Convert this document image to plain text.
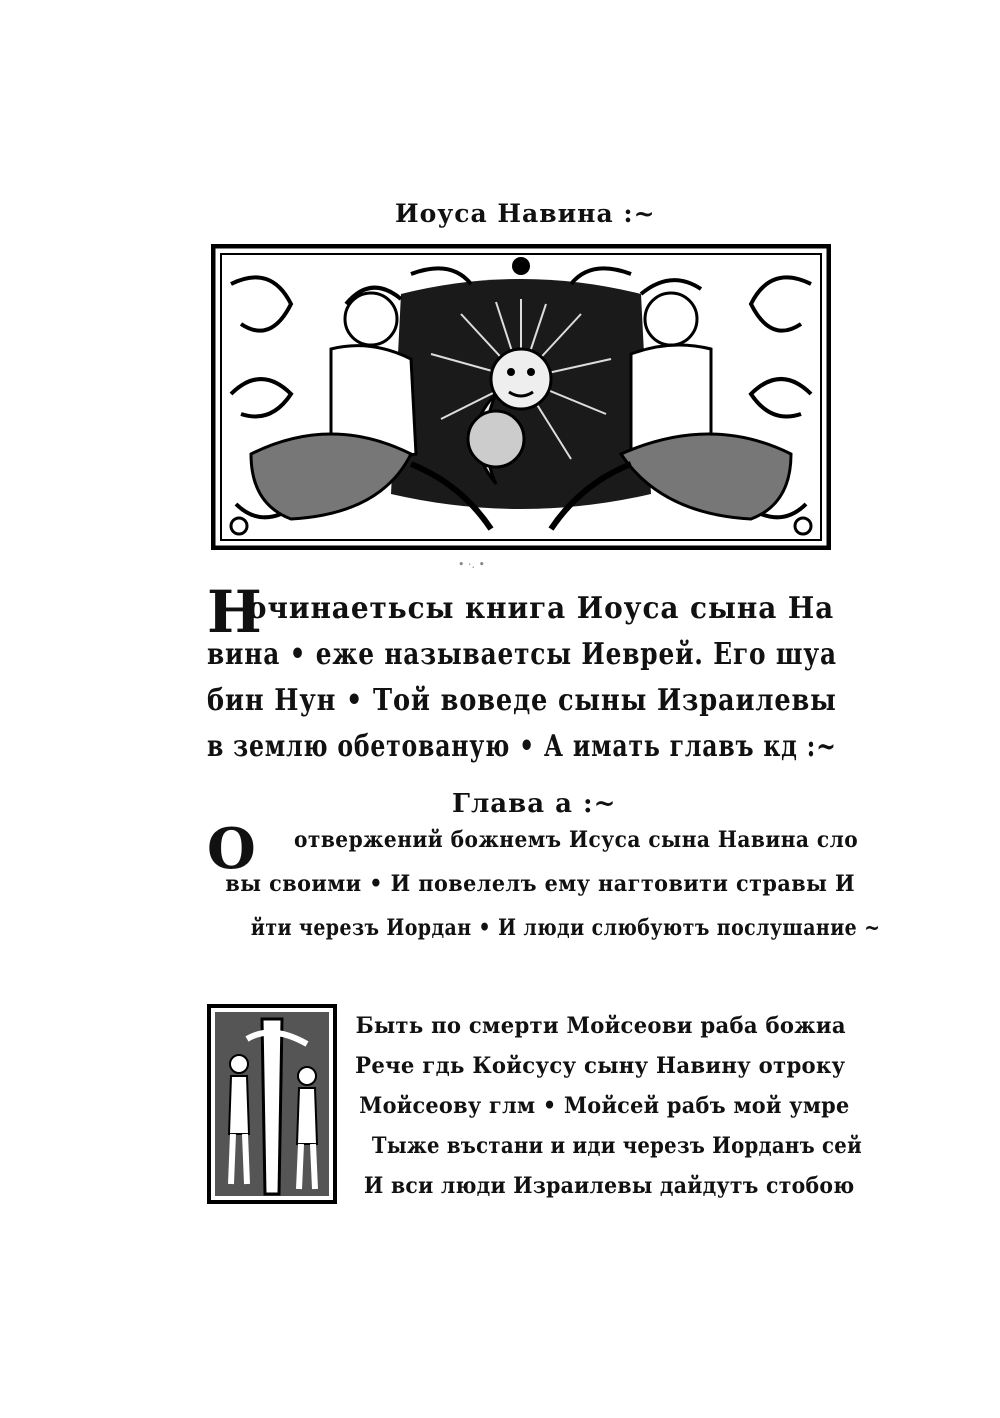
Иоуса Навина :~
• ·. •
Н
очинаетьсы книга Иоуса сына На
вина • еже называетсы Иеврей. Его шуа
бин Нун • Той воведе сыны Израилевы
в землю обетованую • А имать главъ кд :~
Глава а :~
О	отвержений божнемъ Исуса сына Навина сло
вы своими • И повелелъ ему нагтовити стравы И
йти черезъ Иордан • И люди слюбуютъ послушание ~
Быть по смерти Мойсеови раба божиа
Рече гдь Койсусу сыну Навину отроку
Мойсеову глм • Мойсей рабъ мой умре
Тыже въстани и иди черезъ Иорданъ сей
И вси люди Израилевы дайдутъ стобою
